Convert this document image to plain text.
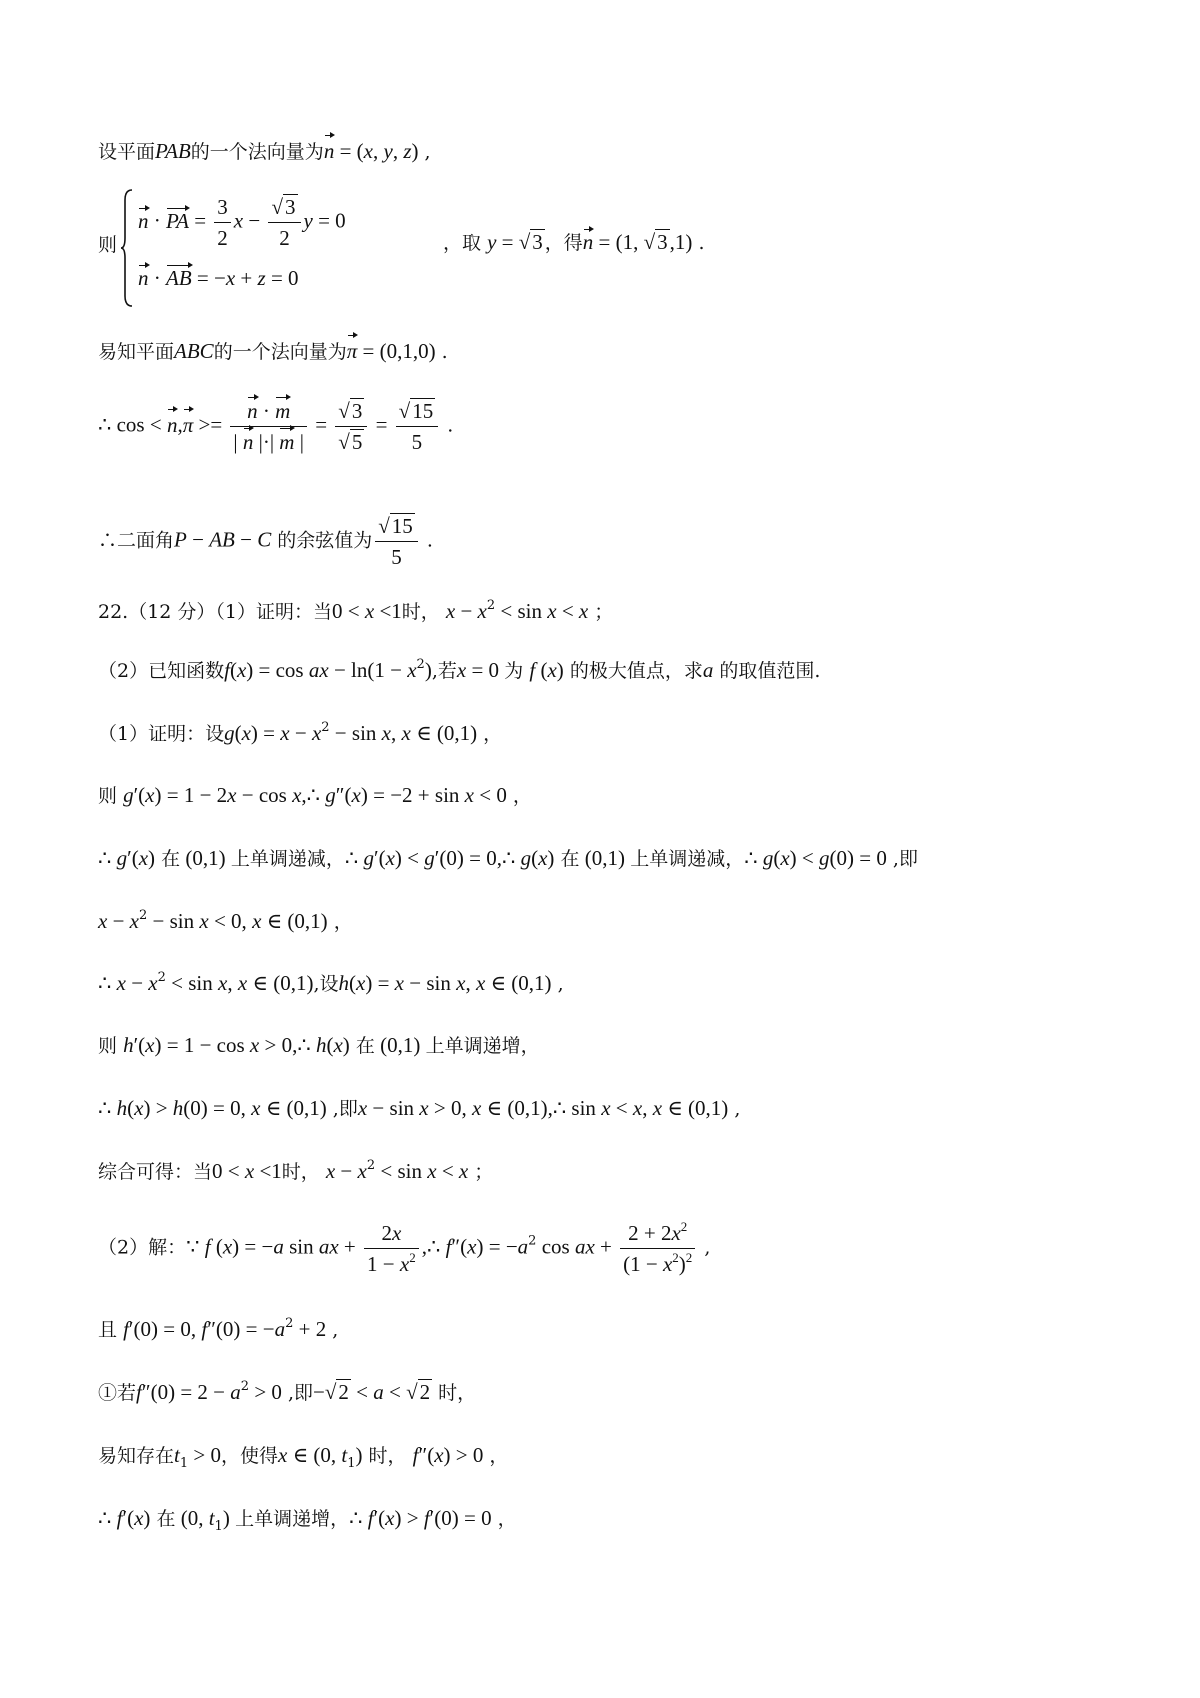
设平面PAB的一个法向量为n = (x, y, z) ,
则
n · PA = $\frac{3}{2}$ $x - \frac{√3}{2}$ y = 0
n · AB = −x + z = 0
，取 y = √3 ，得n = (1, √3,1) .
易知平面ABC的一个法向量为π = (0,1,0) .
∴ $\cos < n,\pi >= \frac{n \cdot m}{| n |\cdot| m |} = \frac{√3}{√5} = \frac{√15}{5}$ .
∴二面角P − AB − C 的余弦值为 $\frac{√15}{5}$ .
22.（12 分）（1）证明：当0 < x <1时， $x - x^2 < \sin x < x$ ；
（2）已知函数f(x) = cos ax − $\ln(1 - x^2)$,若x = 0 为 f (x) 的极大值点，求a 的取值范围.
（1）证明：设$g(x) = x - x^2 - \sin x$, x ∈ (0,1) ，
则 g′(x) = 1 − 2x − cos x,∴ g″(x) = −2 + sin x < 0 ，
∴ g′(x) 在 (0,1) 上单调递减，∴ g′(x) < g′(0) = 0,∴ g(x) 在 (0,1) 上单调递减，∴ g(x) < g(0) = 0 ,即
$x - x^2 - \sin x < 0$, x ∈ (0,1) ，
∴ $x - x^2 < \sin x$, x ∈ (0,1),设h(x) = x − sin x, x ∈ (0,1) ,
则 h′(x) = 1 − cos x > 0,∴ h(x) 在 (0,1) 上单调递增，
∴ h(x) > h(0) = 0, x ∈ (0,1) ,即x − sin x > 0, x ∈ (0,1),∴ sin x < x, x ∈ (0,1) ,
综合可得：当0 < x <1时， $x - x^2 < \sin x < x$ ；
（2）解：∵ f (x) = −a sin ax + $\frac{2x}{1 - x^2}$ ,∴ $f''(x) = -a^2$ cos ax + $\frac{2 + 2x^2}{(1 - x^2)^2}$ ,
且 f′(0) = 0, $f''(0) = -a^2 + 2$ ,
①若$f''(0) = 2 - a^2 > 0$ ,即−√2 < a < √2 时，
易知存在$t_1 > 0$，使得x ∈ (0, $t_1$) 时， f″(x) > 0 ，
∴ f′(x) 在 (0, $t_1$) 上单调递增，∴ f′(x) > f′(0) = 0 ，
